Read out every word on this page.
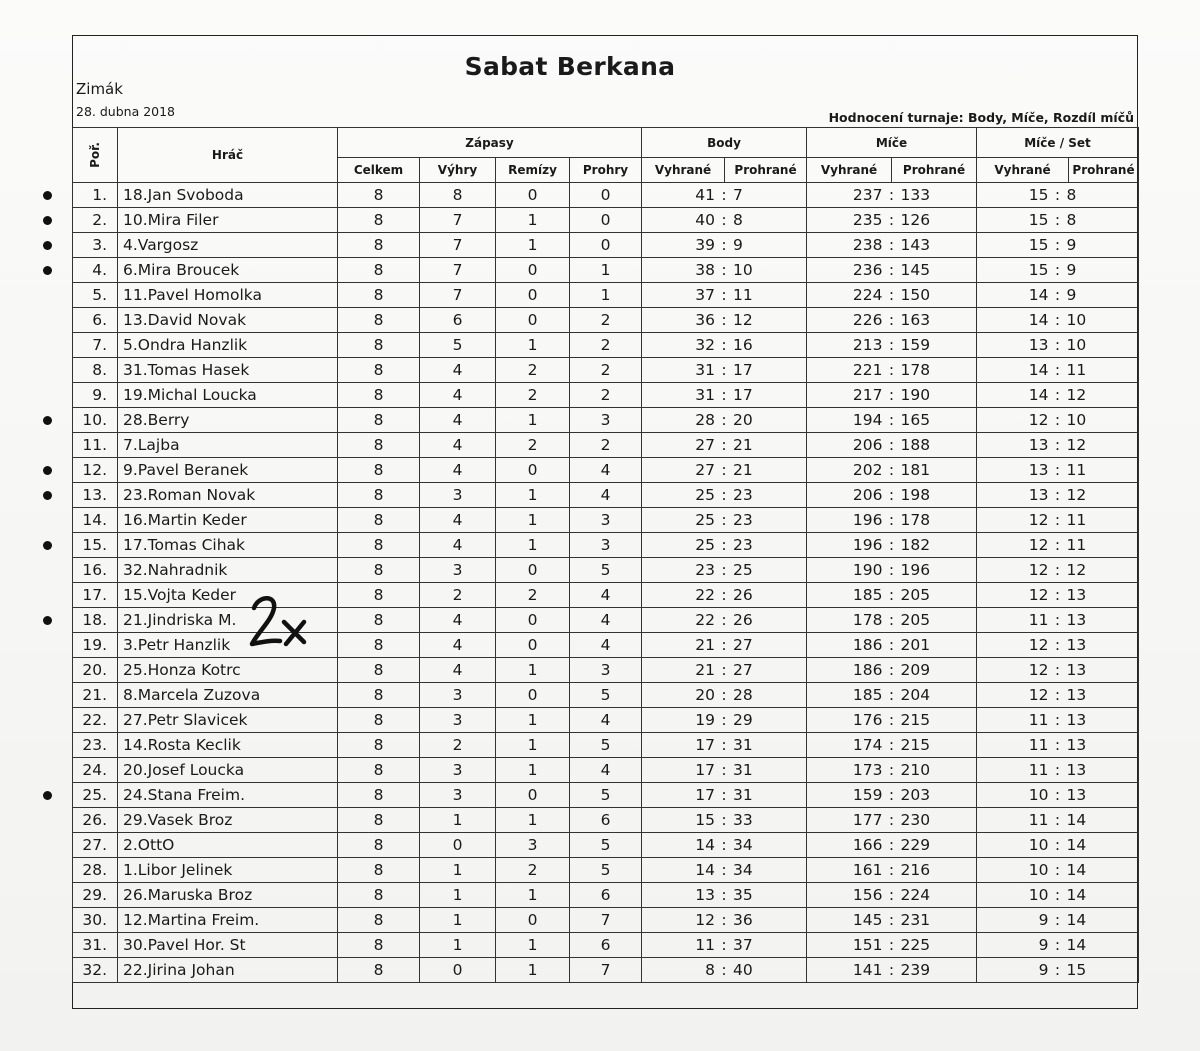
Sabat Berkana
Zimák
28. dubna 2018	Hodnocení turnaje: Body, Míče, Rozdíl míčů
Poř.	Hráč	Zápasy				Body		Míče		Míče / Set	
		Celkem	Výhry	Remízy	Prohry	Vyhrané	Prohrané	Vyhrané	Prohrané	Vyhrané	Prohrané
1.	18.Jan Svoboda	8	8	0	0	41 : 7		237 : 133		15 : 8	
2.	10.Mira Filer	8	7	1	0	40 : 8		235 : 126		15 : 8	
3.	4.Vargosz	8	7	1	0	39 : 9		238 : 143		15 : 9	
4.	6.Mira Broucek	8	7	0	1	38 : 10		236 : 145		15 : 9	
5.	11.Pavel Homolka	8	7	0	1	37 : 11		224 : 150		14 : 9	
6.	13.David Novak	8	6	0	2	36 : 12		226 : 163		14 : 10	
7.	5.Ondra Hanzlik	8	5	1	2	32 : 16		213 : 159		13 : 10	
8.	31.Tomas Hasek	8	4	2	2	31 : 17		221 : 178		14 : 11	
9.	19.Michal Loucka	8	4	2	2	31 : 17		217 : 190		14 : 12	
10.	28.Berry	8	4	1	3	28 : 20		194 : 165		12 : 10	
11.	7.Lajba	8	4	2	2	27 : 21		206 : 188		13 : 12	
12.	9.Pavel Beranek	8	4	0	4	27 : 21		202 : 181		13 : 11	
13.	23.Roman Novak	8	3	1	4	25 : 23		206 : 198		13 : 12	
14.	16.Martin Keder	8	4	1	3	25 : 23		196 : 178		12 : 11	
15.	17.Tomas Cihak	8	4	1	3	25 : 23		196 : 182		12 : 11	
16.	32.Nahradnik	8	3	0	5	23 : 25		190 : 196		12 : 12	
17.	15.Vojta Keder	8	2	2	4	22 : 26		185 : 205		12 : 13	
18.	21.Jindriska M.	8	4	0	4	22 : 26		178 : 205		11 : 13	
19.	3.Petr Hanzlik	8	4	0	4	21 : 27		186 : 201		12 : 13	
20.	25.Honza Kotrc	8	4	1	3	21 : 27		186 : 209		12 : 13	
21.	8.Marcela Zuzova	8	3	0	5	20 : 28		185 : 204		12 : 13	
22.	27.Petr Slavicek	8	3	1	4	19 : 29		176 : 215		11 : 13	
23.	14.Rosta Keclik	8	2	1	5	17 : 31		174 : 215		11 : 13	
24.	20.Josef Loucka	8	3	1	4	17 : 31		173 : 210		11 : 13	
25.	24.Stana Freim.	8	3	0	5	17 : 31		159 : 203		10 : 13	
26.	29.Vasek Broz	8	1	1	6	15 : 33		177 : 230		11 : 14	
27.	2.OttO	8	0	3	5	14 : 34		166 : 229		10 : 14	
28.	1.Libor Jelinek	8	1	2	5	14 : 34		161 : 216		10 : 14	
29.	26.Maruska Broz	8	1	1	6	13 : 35		156 : 224		10 : 14	
30.	12.Martina Freim.	8	1	0	7	12 : 36		145 : 231		9 : 14	
31.	30.Pavel Hor. St	8	1	1	6	11 : 37		151 : 225		9 : 14	
32.	22.Jirina Johan	8	0	1	7	8 : 40		141 : 239		9 : 15	
